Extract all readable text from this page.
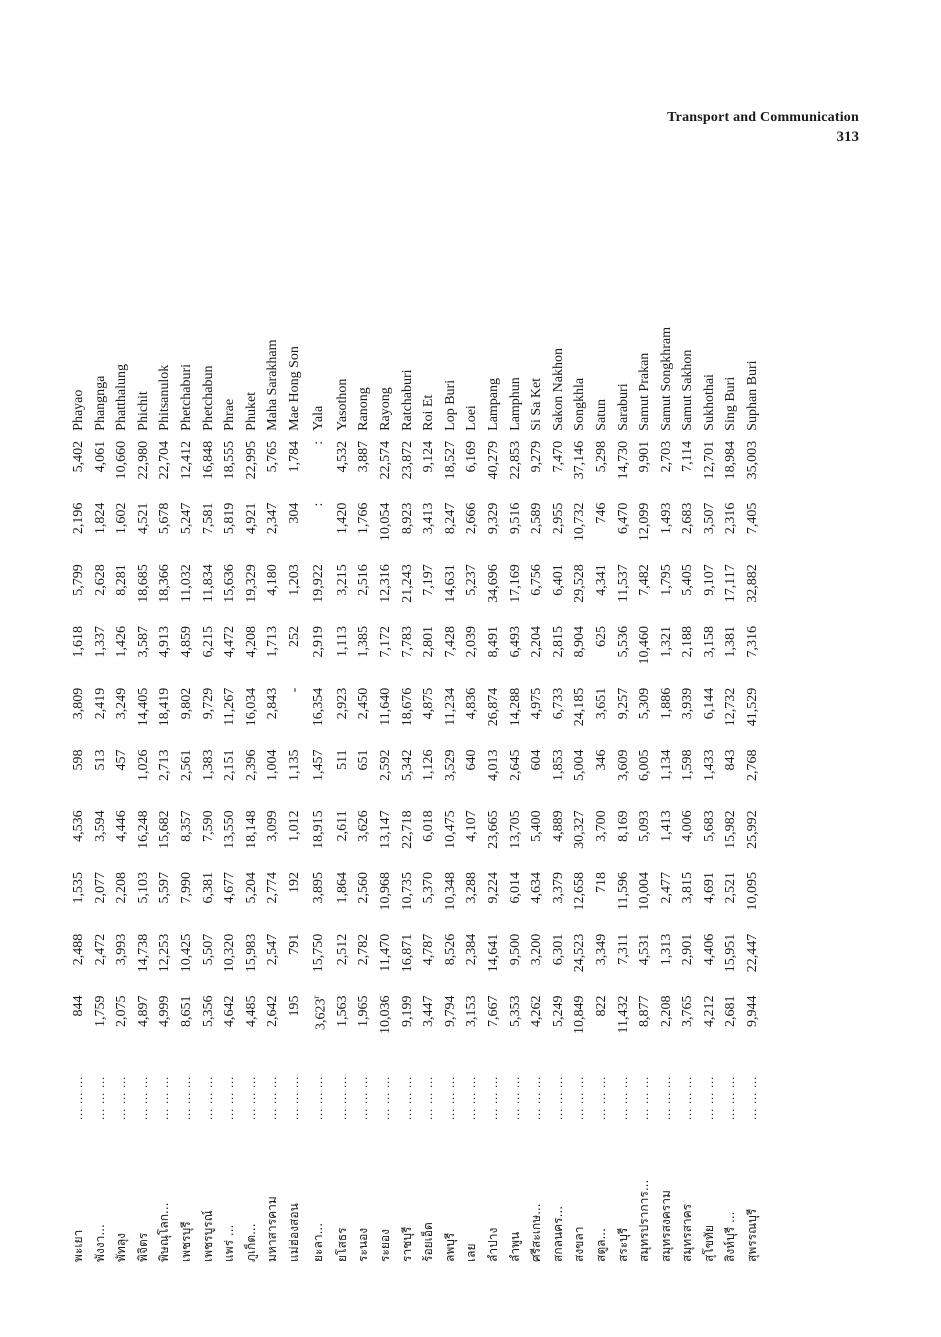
Transport and Communication
313
พะเยา	... ... ...	844	2,488	1,535	4,536	598	3,809	1,618	5,799	2,196	5,402	Phayao
พังงา...	... ... ...	1,759	2,472	2,077	3,594	513	2,419	1,337	2,628	1,824	4,061	Phangnga
พัทลุง	... ... ...	2,075	3,993	2,208	4,446	457	3,249	1,426	8,281	1,602	10,660	Phatthalung
พิจิตร	... ... ...	4,897	14,738	5,103	16,248	1,026	14,405	3,587	18,685	4,521	22,980	Phichit
พิษณุโลก...	... ... ...	4,999	12,253	5,597	15,682	2,713	18,419	4,913	18,366	5,678	22,704	Phitsanulok
เพชรบุรี	... ... ...	8,651	10,425	7,990	8,357	2,561	9,802	4,859	11,032	5,247	12,412	Phetchaburi
เพชรบูรณ์	... ... ...	5,356	5,507	6,381	7,590	1,383	9,729	6,215	11,834	7,581	16,848	Phetchabun
แพร่ ...	... ... ...	4,642	10,320	4,677	13,550	2,151	11,267	4,472	15,636	5,819	18,555	Phrae
ภูเก็ต...	... ... ...	4,485	15,983	5,204	18,148	2,396	16,034	4,208	19,329	4,921	22,995	Phuket
มหาสารคาม	... ... ...	2,642	2,547	2,774	3,099	1,004	2,843	1,713	4,180	2,347	5,765	Maha Sarakham
แม่ฮ่องสอน	... ... ...	195	791	192	1,012	1,135	-	252	1,203	304	1,784	Mae Hong Son
ยะลา...	... ... ...	3,623$^r$	15,750	3,895	18,915	1,457	16,354	2,919	19,922	:	:	Yala
ยโสธร	... ... ...	1,563	2,512	1,864	2,611	511	2,923	1,113	3,215	1,420	4,532	Yasothon
ระนอง	... ... ...	1,965	2,782	2,560	3,626	651	2,450	1,385	2,516	1,766	3,887	Ranong
ระยอง	... ... ...	10,036	11,470	10,968	13,147	2,592	11,640	7,172	12,316	10,054	22,574	Rayong
ราชบุรี	... ... ...	9,199	16,871	10,735	22,718	5,342	18,676	7,783	21,243	8,923	23,872	Ratchaburi
ร้อยเอ็ด	... ... ...	3,447	4,787	5,370	6,018	1,126	4,875	2,801	7,197	3,413	9,124	Roi Et
ลพบุรี	... ... ...	9,794	8,526	10,348	10,475	3,529	11,234	7,428	14,631	8,247	18,527	Lop Buri
เลย	... ... ...	3,153	2,384	3,288	4,107	640	4,836	2,039	5,237	2,666	6,169	Loei
ลำปาง	... ... ...	7,667	14,641	9,224	23,665	4,013	26,874	8,491	34,696	9,329	40,279	Lampang
ลำพูน	... ... ...	5,353	9,500	6,014	13,705	2,645	14,288	6,493	17,169	9,516	22,853	Lamphun
ศรีสะเกษ...	... ... ...	4,262	3,200	4,634	5,400	604	4,975	2,204	6,756	2,589	9,279	Si Sa Ket
สกลนคร...	... ... ...	5,249	6,301	3,379	4,889	1,853	6,733	2,815	6,401	2,955	7,470	Sakon Nakhon
สงขลา	... ... ...	10,849	24,523	12,658	30,327	5,004	24,185	8,904	29,528	10,732	37,146	Songkhla
สตูล...	... ... ...	822	3,349	718	3,700	346	3,651	625	4,341	746	5,298	Satun
สระบุรี	... ... ...	11,432	7,311	11,596	8,169	3,609	9,257	5,536	11,537	6,470	14,730	Saraburi
สมุทรปราการ...	... ... ...	8,877	4,531	10,004	5,093	6,005	5,309	10,460	7,482	12,099	9,901	Samut Prakan
สมุทรสงคราม	... ... ...	2,208	1,313	2,477	1,413	1,134	1,886	1,321	1,795	1,493	2,703	Samut Songkhram
สมุทรสาคร	... ... ...	3,765	2,901	3,815	4,006	1,598	3,939	2,188	5,405	2,683	7,114	Samut Sakhon
สุโขทัย	... ... ...	4,212	4,406	4,691	5,683	1,433	6,144	3,158	9,107	3,507	12,701	Sukhothai
สิงห์บุรี ...	... ... ...	2,681	15,951	2,521	15,982	843	12,732	1,381	17,117	2,316	18,984	Sing Buri
สุพรรณบุรี	... ... ...	9,944	22,447	10,095	25,992	2,768	41,529	7,316	32,882	7,405	35,003	Suphan Buri
